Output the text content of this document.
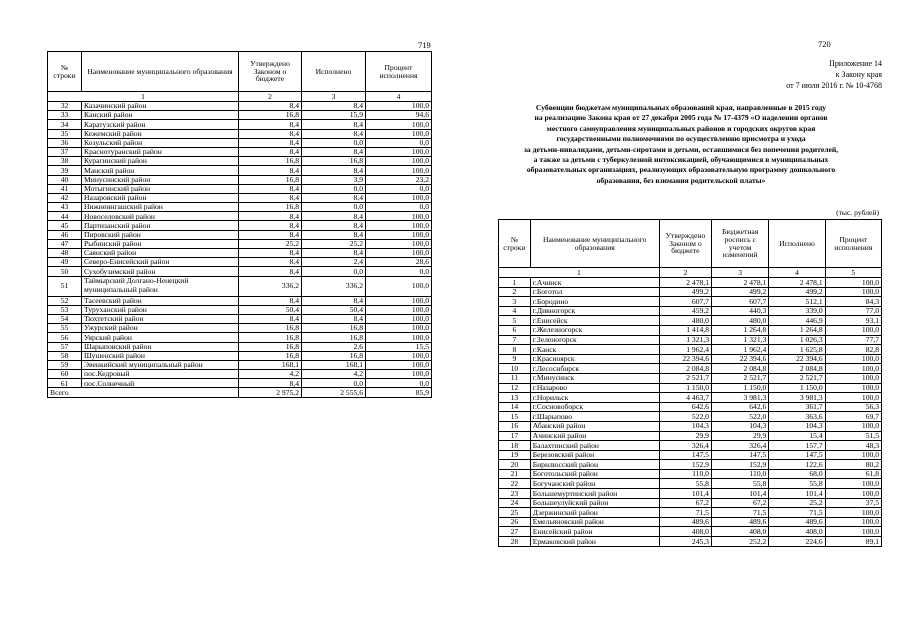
719
№ строки	Наименование муниципального образования	Утверждено Законом о бюджете	Исполнено	Процент исполнения
1		2	3	4
32	Казачинский район	8,4	8,4	100,0
33	Канский район	16,8	15,9	94,6
34	Каратузский район	8,4	8,4	100,0
35	Кежемский район	8,4	8,4	100,0
36	Козульский район	8,4	0,0	0,0
37	Краснотуранский район	8,4	8,4	100,0
38	Курагинский район	16,8	16,8	100,0
39	Манский район	8,4	8,4	100,0
40	Минусинский район	16,8	3,9	23,2
41	Мотыгинский район	8,4	0,0	0,0
42	Назаровский район	8,4	8,4	100,0
43	Нижнеингашский район	16,8	0,0	0,0
44	Новоселовский район	8,4	8,4	100,0
45	Партизанский район	8,4	8,4	100,0
46	Пировский район	8,4	8,4	100,0
47	Рыбинский район	25,2	25,2	100,0
48	Саянский район	8,4	8,4	100,0
49	Северо-Енисейский район	8,4	2,4	28,6
50	Сухобузимский район	8,4	0,0	0,0
51	Таймырский Долгано-Ненецкий муниципальный район	336,2	336,2	100,0
52	Тасеевский район	8,4	8,4	100,0
53	Туруханский район	50,4	50,4	100,0
54	Тюхтетский район	8,4	8,4	100,0
55	Ужурский район	16,8	16,8	100,0
56	Уярский район	16,8	16,8	100,0
57	Шарыповский район	16,8	2,6	15,5
58	Шушенский район	16,8	16,8	100,0
59	Эвенкийский муниципальный район	168,1	168,1	100,0
60	пос.Кедровый	4,2	4,2	100,0
61	пос.Солнечный	8,4	0,0	0,0
Всего		2 975,2	2 555,6	85,9
720
Приложение 14
к Закону края
от 7 июля 2016 г. № 10-4768
Субвенции бюджетам муниципальных образований края, направленные в 2015 году
на реализацию Закона края от 27 декабря 2005 года № 17-4379 «О наделении органов
местного самоуправления муниципальных районов и городских округов края
государственными полномочиями по осуществлению присмотра и ухода
за детьми-инвалидами, детьми-сиротами и детьми, оставшимися без попечения родителей,
а также за детьми с туберкулезной интоксикацией, обучающимися в муниципальных
образовательных организациях, реализующих образовательную программу дошкольного
образования, без взимания родительской платы»
(тыс. рублей)
№ строки	Наименование муниципального образования	Утверждено Законом о бюджете	Бюджетная роспись с учетом изменений	Исполнено	Процент исполнения
1		2	3	4	5
1	г.Ачинск	2 478,1	2 478,1	2 478,1	100,0
2	г.Боготол	499,2	499,2	499,2	100,0
3	г.Бородино	607,7	607,7	512,1	84,3
4	г.Дивногорск	459,2	440,3	339,0	77,0
5	г.Енисейск	480,0	480,0	446,9	93,1
6	г.Железногорск	1 414,8	1 264,8	1 264,8	100,0
7	г.Зеленогорск	1 321,3	1 321,3	1 026,3	77,7
8	г.Канск	1 962,4	1 962,4	1 625,8	82,8
9	г.Красноярск	22 394,6	22 394,6	22 394,6	100,0
10	г.Лесосибирск	2 084,8	2 084,8	2 084,8	100,0
11	г.Минусинск	2 521,7	2 521,7	2 521,7	100,0
12	г.Назарово	1 150,0	1 150,0	1 150,0	100,0
13	г.Норильск	4 463,7	3 981,3	3 981,3	100,0
14	г.Сосновоборск	642,6	642,6	361,7	56,3
15	г.Шарыпово	522,0	522,0	363,6	69,7
16	Абанский район	104,3	104,3	104,3	100,0
17	Ачинский район	29,9	29,9	15,4	51,5
18	Балахтинский район	326,4	326,4	157,7	48,3
19	Березовский район	147,5	147,5	147,5	100,0
20	Бирилюсский район	152,9	152,9	122,6	80,2
21	Боготольский район	110,0	110,0	68,0	61,8
22	Богучанский район	55,8	55,8	55,8	100,0
23	Большемуртинский район	101,4	101,4	101,4	100,0
24	Большеулуйский район	67,2	67,2	25,2	37,5
25	Дзержинский район	71,5	71,5	71,5	100,0
26	Емельяновский район	489,6	489,6	489,6	100,0
27	Енисейский район	408,0	408,0	408,0	100,0
28	Ермаковский район	245,3	252,2	224,6	89,1
